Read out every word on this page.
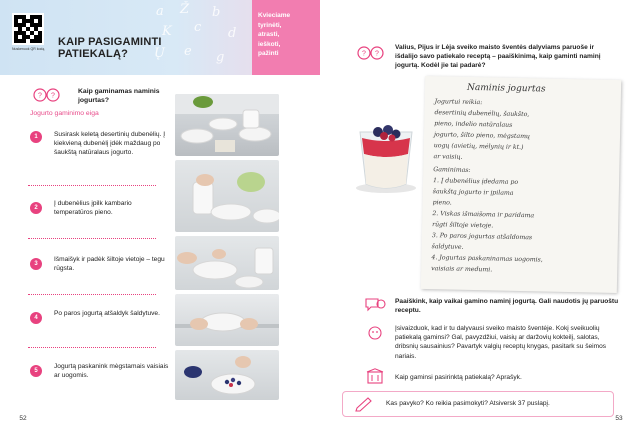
a Ž b
K c d
Ų e g
Nuskenuok QR kodą
KAIP PASIGAMINTI PATIEKALĄ?
Kvieciame
tyrinėti,
atrasti,
ieškoti,
pažinti
? ?
Kaip gaminamas naminis jogurtas?
Jogurto gaminimo eiga
1	Susirask keletą desertinių dubenėlių. Į kiekvieną dubenėlį įdėk maždaug po šaukštą natūralaus jogurto.
2
Į dubenėlius įpilk kambario temperatūros pieno.
3
Išmaišyk ir padėk šiltoje vietoje – tegu rūgsta.
4
Po paros jogurtą atšaldyk šaldytuve.
5
Jogurtą paskanink mėgstamais vaisiais ar uogomis.
52
? ?
Valius, Pijus ir Lėja sveiko maisto šventės dalyviams paruoše ir išdalijo savo patiekalo receptą – paaiškinimą, kaip gaminti naminį jogurtą. Kodėl jie tai padarė?
Naminis jogurtas
Jogurtui reikia:
desertinių dubenėlių, šaukšto,
pieno, indelio natūralaus
jogurto, šilto pieno, mėgstamų
uogų (avietių, mėlynių ir kt.)
ar vaisių.
Gaminimas:
1. Į dubenėlius įdedama po
šaukštą jogurto ir įpilama
pieno.
2. Viskas išmaišoma ir paridama
rūgti šiltoje vietoje.
3. Po paros jogurtas atšaldomas
šaldytuve.
4. Jogurtas paskaninamas uogomis,
vaisiais ar medumi.
Paaiškink, kaip vaikai gamino naminį jogurtą. Gali naudotis jų paruoštu receptu.
Įsivaizduok, kad ir tu dalyvausi sveiko maisto šventėje. Kokį sveikuolių patiekalą gaminsi? Gal, pavyzdžiui, vaisių ar daržovių kokteilį, salotas, dribsnių sausainius? Pavartyk valgių receptų knygas, pasitark su šeimos nariais.
Kaip gaminsi pasirinktą patiekalą? Aprašyk.
Kas pavyko? Ko reikia pasimokyti? Atsiversk 37 puslapį.
53
